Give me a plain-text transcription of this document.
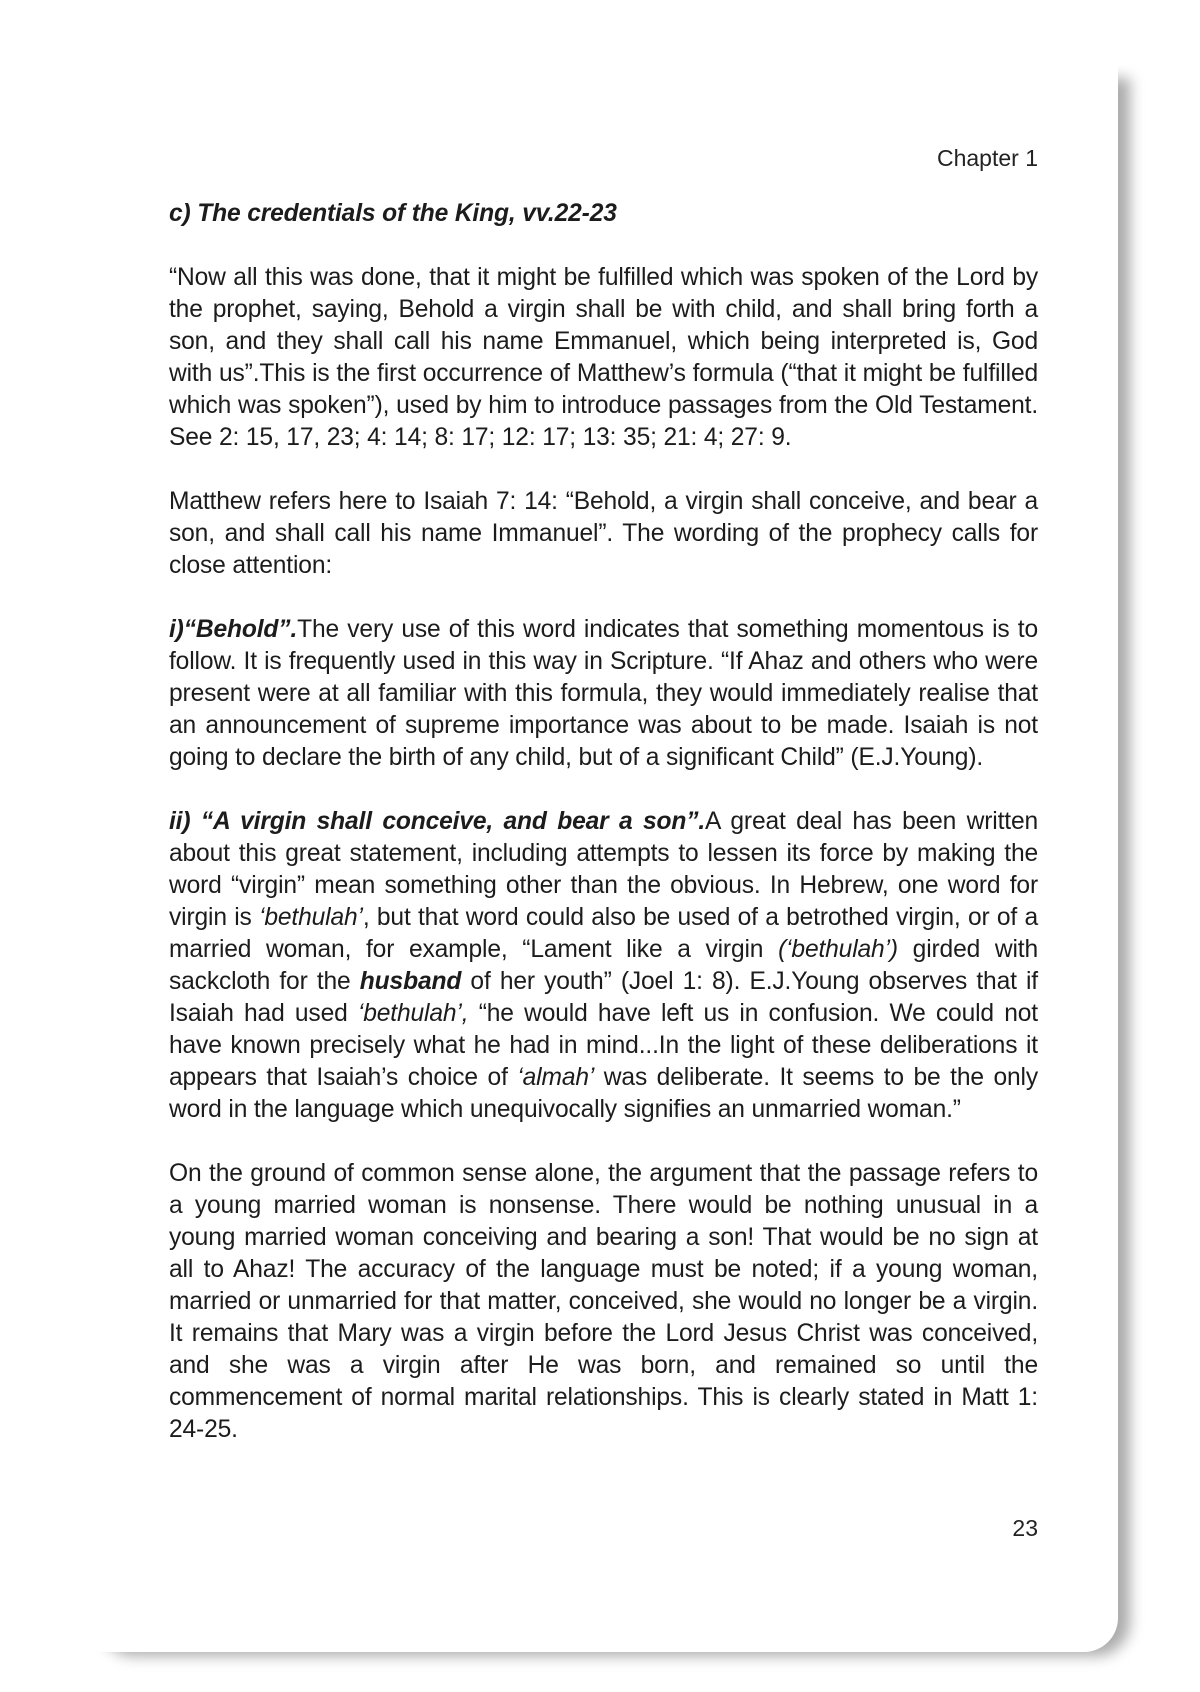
Chapter 1

c) The credentials of the King, vv.22-23

“Now all this was done, that it might be fulfilled which was spoken of the Lord by the prophet, saying, Behold a virgin shall be with child, and shall bring forth a son, and they shall call his name Emmanuel, which being interpreted is, God with us”.This is the first occurrence of Matthew’s formula (“that it might be fulfilled which was spoken”), used by him to introduce passages from the Old Testament. See 2: 15, 17, 23; 4: 14; 8: 17; 12: 17; 13: 35; 21: 4; 27: 9.

Matthew refers here to Isaiah 7: 14: “Behold, a virgin shall conceive, and bear a son, and shall call his name Immanuel”. The wording of the prophecy calls for close attention:

i)“Behold”.The very use of this word indicates that something momentous is to follow. It is frequently used in this way in Scripture. “If Ahaz and others who were present were at all familiar with this formula, they would immediately realise that an announcement of supreme importance was about to be made. Isaiah is not going to declare the birth of any child, but of a significant Child” (E.J.Young).

ii) “A virgin shall conceive, and bear a son”.A great deal has been written about this great statement, including attempts to lessen its force by making the word “virgin” mean something other than the obvious. In Hebrew, one word for virgin is ‘bethulah’, but that word could also be used of a betrothed virgin, or of a married woman, for example, “Lament like a virgin (‘bethulah’) girded with sackcloth for the husband of her youth” (Joel 1: 8). E.J.Young observes that if Isaiah had used ‘bethulah’, “he would have left us in confusion. We could not have known precisely what he had in mind...In the light of these deliberations it appears that Isaiah’s choice of ‘almah’ was deliberate. It seems to be the only word in the language which unequivocally signifies an unmarried woman.”

On the ground of common sense alone, the argument that the passage refers to a young married woman is nonsense. There would be nothing unusual in a young married woman conceiving and bearing a son! That would be no sign at all to Ahaz! The accuracy of the language must be noted; if a young woman, married or unmarried for that matter, conceived, she would no longer be a virgin. It remains that Mary was a virgin before the Lord Jesus Christ was conceived, and she was a virgin after He was born, and remained so until the commencement of normal marital relationships. This is clearly stated in Matt 1: 24-25.

23
